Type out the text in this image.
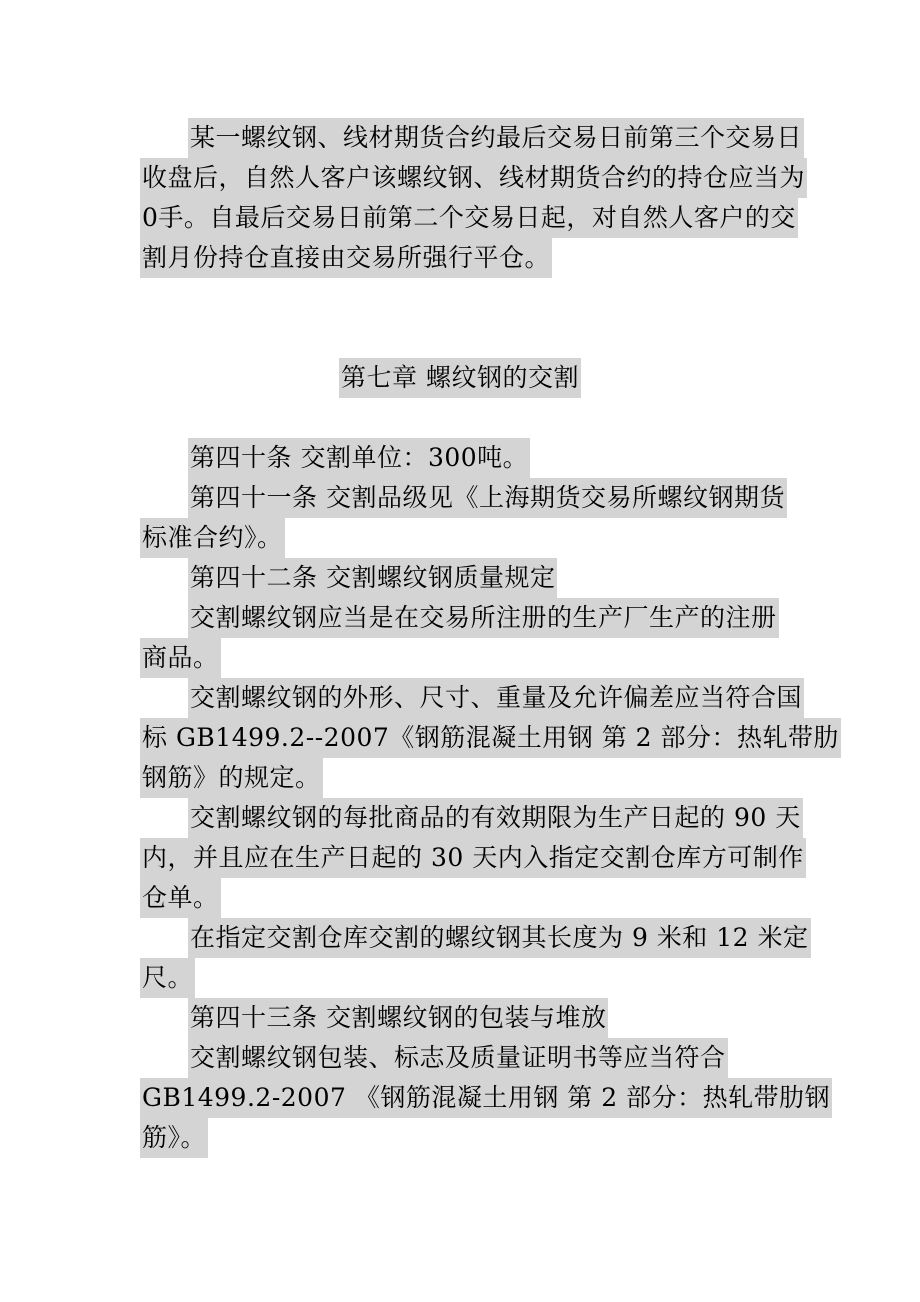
某一螺纹钢、线材期货合约最后交易日前第三个交易日
收盘后，自然人客户该螺纹钢、线材期货合约的持仓应当为
0手。自最后交易日前第二个交易日起，对自然人客户的交
割月份持仓直接由交易所强行平仓。
第七章 螺纹钢的交割
第四十条 交割单位：300吨。
第四十一条 交割品级见《上海期货交易所螺纹钢期货
标准合约》。
第四十二条 交割螺纹钢质量规定
交割螺纹钢应当是在交易所注册的生产厂生产的注册
商品。
交割螺纹钢的外形、尺寸、重量及允许偏差应当符合国
标 GB1499.2--2007《钢筋混凝土用钢 第 2 部分：热轧带肋
钢筋》的规定。
交割螺纹钢的每批商品的有效期限为生产日起的 90 天
内，并且应在生产日起的 30 天内入指定交割仓库方可制作
仓单。
在指定交割仓库交割的螺纹钢其长度为 9 米和 12 米定
尺。
第四十三条 交割螺纹钢的包装与堆放
交割螺纹钢包装、标志及质量证明书等应当符合
GB1499.2-2007 《钢筋混凝土用钢 第 2 部分：热轧带肋钢
筋》。
